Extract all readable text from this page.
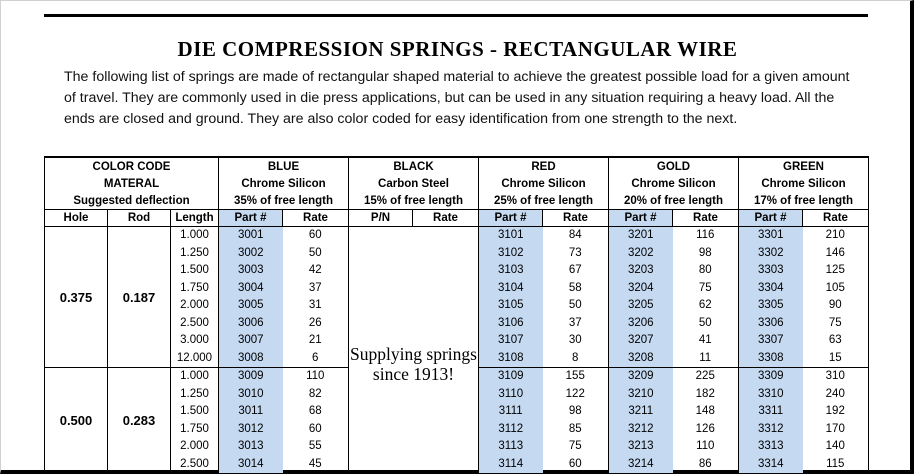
DIE COMPRESSION SPRINGS - RECTANGULAR WIRE
The following list of springs are made of rectangular shaped material to achieve the greatest possible load for a given amount of travel. They are commonly used in die press applications, but can be used in any situation requiring a heavy load. All the ends are closed and ground. They are also color coded for easy identification from one strength to the next.
COLOR CODE			BLUE		BLACK		RED		GOLD		GREEN	
MATERAL			Chrome Silicon		Carbon Steel		Chrome Silicon		Chrome Silicon		Chrome Silicon	
Suggested deflection			35% of free length		15% of free length		25% of free length		20% of free length		17% of free length	
Hole	Rod	Length	Part #	Rate	P/N	Rate	Part #	Rate	Part #	Rate	Part #	Rate
0.375	0.187	1.000	3001	60	Supplying springs since 1913!		3101	84	3201	116	3301	210
		1.250	3002	50			3102	73	3202	98	3302	146
		1.500	3003	42			3103	67	3203	80	3303	125
		1.750	3004	37			3104	58	3204	75	3304	105
		2.000	3005	31			3105	50	3205	62	3305	90
		2.500	3006	26			3106	37	3206	50	3306	75
		3.000	3007	21			3107	30	3207	41	3307	63
		12.000	3008	6			3108	8	3208	11	3308	15
0.500	0.283	1.000	3009	110			3109	155	3209	225	3309	310
		1.250	3010	82			3110	122	3210	182	3310	240
		1.500	3011	68			3111	98	3211	148	3311	192
		1.750	3012	60			3112	85	3212	126	3312	170
		2.000	3013	55			3113	75	3213	110	3313	140
		2.500	3014	45			3114	60	3214	86	3314	115
